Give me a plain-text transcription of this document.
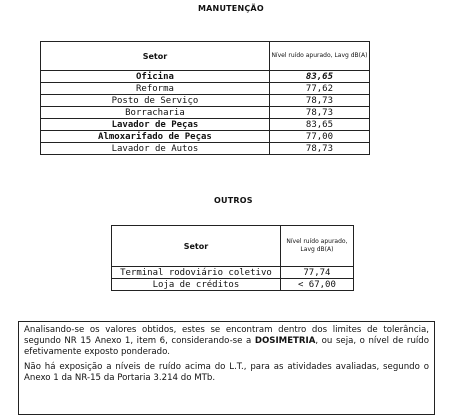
MANUTENÇÃO
Setor	Nível ruído apurado, Lavg dB(A)
Oficina	83,65
Reforma	77,62
Posto de Serviço	78,73
Borracharia	78,73
Lavador de Peças	83,65
Almoxarifado de Peças	77,00
Lavador de Autos	78,73
OUTROS
Setor	Nível ruído apurado, Lavg dB(A)
Terminal rodoviário coletivo	77,74
Loja de créditos	< 67,00

Analisando-se os valores obtidos, estes se encontram dentro dos limites de tolerância, segundo NR 15 Anexo 1, item 6, considerando-se a DOSIMETRIA, ou seja, o nível de ruído efetivamente exposto ponderado.

Não há exposição a níveis de ruído acima do L.T., para as atividades avaliadas, segundo o Anexo 1 da NR-15 da Portaria 3.214 do MTb.
